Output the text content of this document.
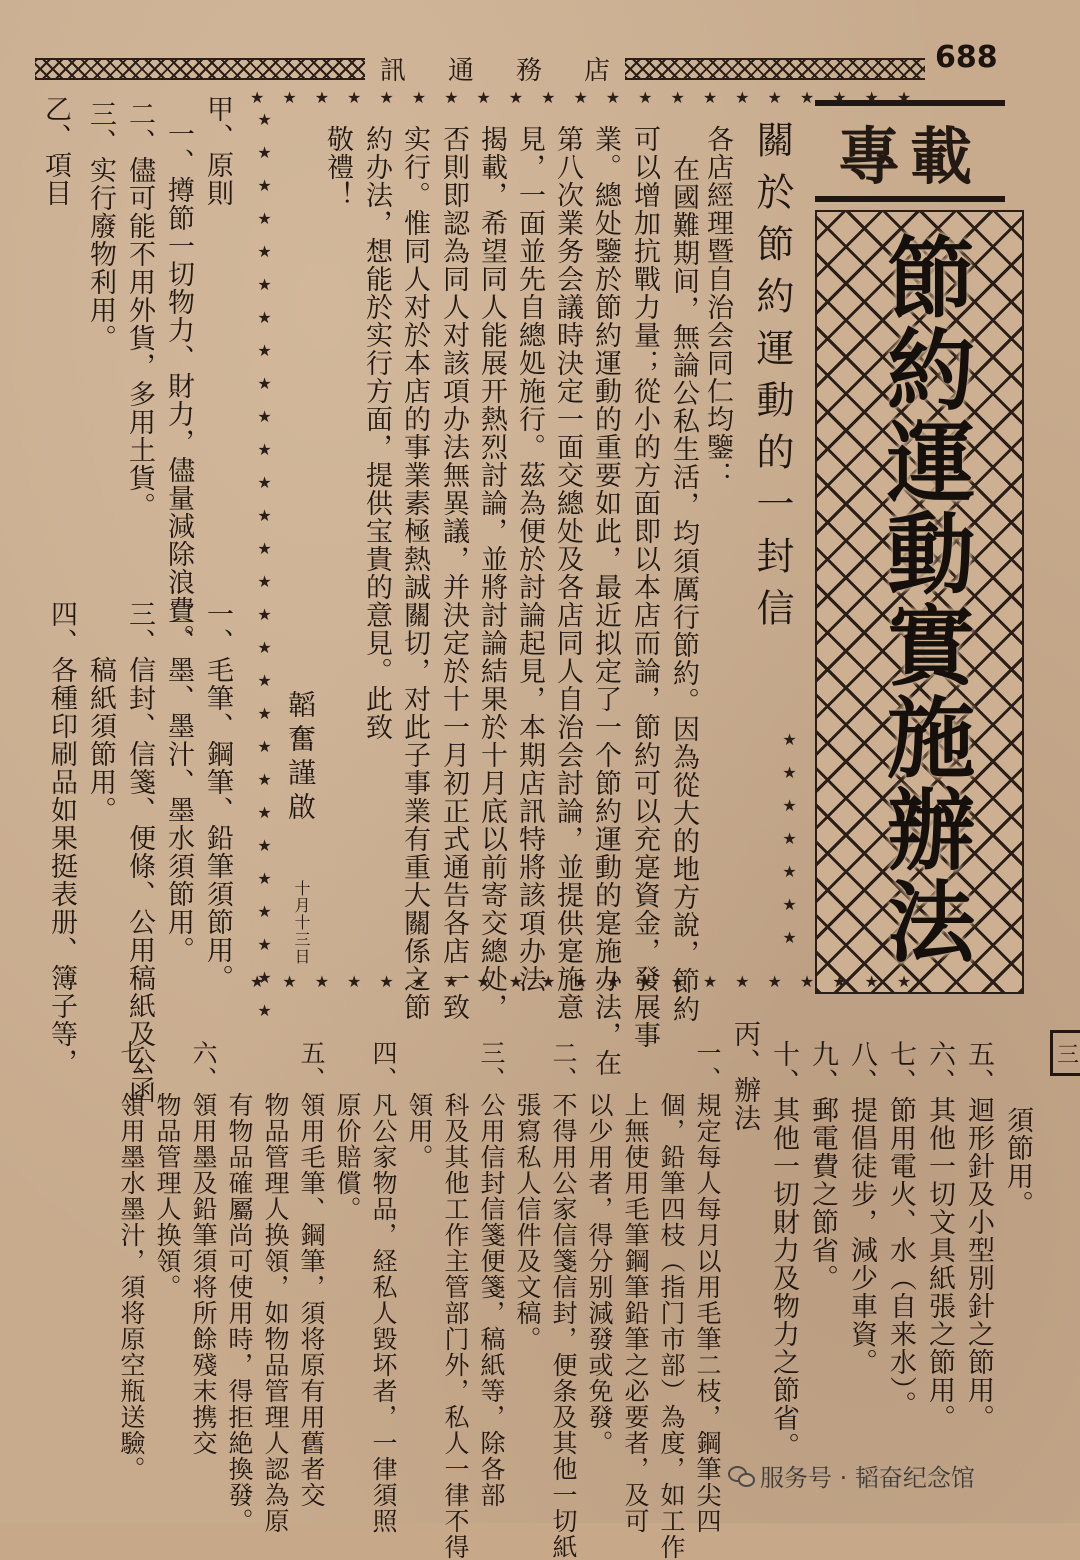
訊 通 務 店	688
專載
節約運動實施辦法
三
★★★★★★★★★★★★★★★★★★★★★
★★★★★★★★★★★★★★★★★★★★★
★★★★★★★★★★★★★★★★★★★★★★★★★★★★	★★★★★★★
關於節約運動的一封信
各店經理暨自治会同仁均鑒：
在國難期间，無論公私生活，均須厲行節約。因為從大的地方說，節約
可以增加抗戰力量；從小的方面即以本店而論，節約可以充寔資金，發展事
業。總处鑒於節約運動的重要如此，最近拟定了一个節約運動的寔施办法，在
第八次業务会議時決定一面交總处及各店同人自治会討論，並提供寔施意
見，一面並先自總処施行。茲為便於討論起見，本期店訊特將該項办法
揭載，希望同人能展开熱烈討論，並將討論結果於十月底以前寄交總处，
否則即認為同人对該項办法無異議，并決定於十一月初正式通告各店一致
实行。惟同人对於本店的事業素極熱誠關切，对此子事業有重大關係之節
約办法，想能於实行方面，提供宝貴的意見。此致
敬禮！
韜奮謹啟
十月十三日
甲、原則
一、撙節一切物力、財力，儘量減除浪費。
二、儘可能不用外貨，多用土貨。
三、实行廢物利用。
乙、項目
一、毛筆、鋼筆、鉛筆須節用。
二、墨、墨汁、墨水須節用。
三、信封、信箋、便條、公用稿紙及公函
　　稿紙須節用。
四、各種印刷品如果挺表册、簿子等，
　　須節用。
五、迴形針及小型別針之節用。
六、其他一切文具紙張之節用。
七、節用電火、水（自来水）。
八、提倡徒步，減少車資。
九、郵電費之節省。
十、其他一切財力及物力之節省。
丙、辦法
一、規定每人每月以用毛筆二枝，鋼筆尖四
　　個，鉛筆四枝（指门市部）為度，如工作
　　上無使用毛筆鋼筆鉛筆之必要者，及可
　　以少用者，得分别減發或免發。
二、不得用公家信箋信封，便条及其他一切紙
　　張寫私人信件及文稿。
三、公用信封信箋便箋，稿紙等，除各部
　　科及其他工作主管部门外，私人一律不得
　　領用。
四、凡公家物品，経私人毀坏者，一律須照
　　原价賠償。
五、領用毛筆、鋼筆，須将原有用舊者交
　　物品管理人换領，如物品管理人認為原
　　有物品確屬尚可使用時，得拒絶換發。
六、領用墨及鉛筆須将所餘殘末携交
　　物品管理人换領。
七、領用墨水墨汁，須将原空瓶送驗。	服务号 · 韬奋纪念馆
